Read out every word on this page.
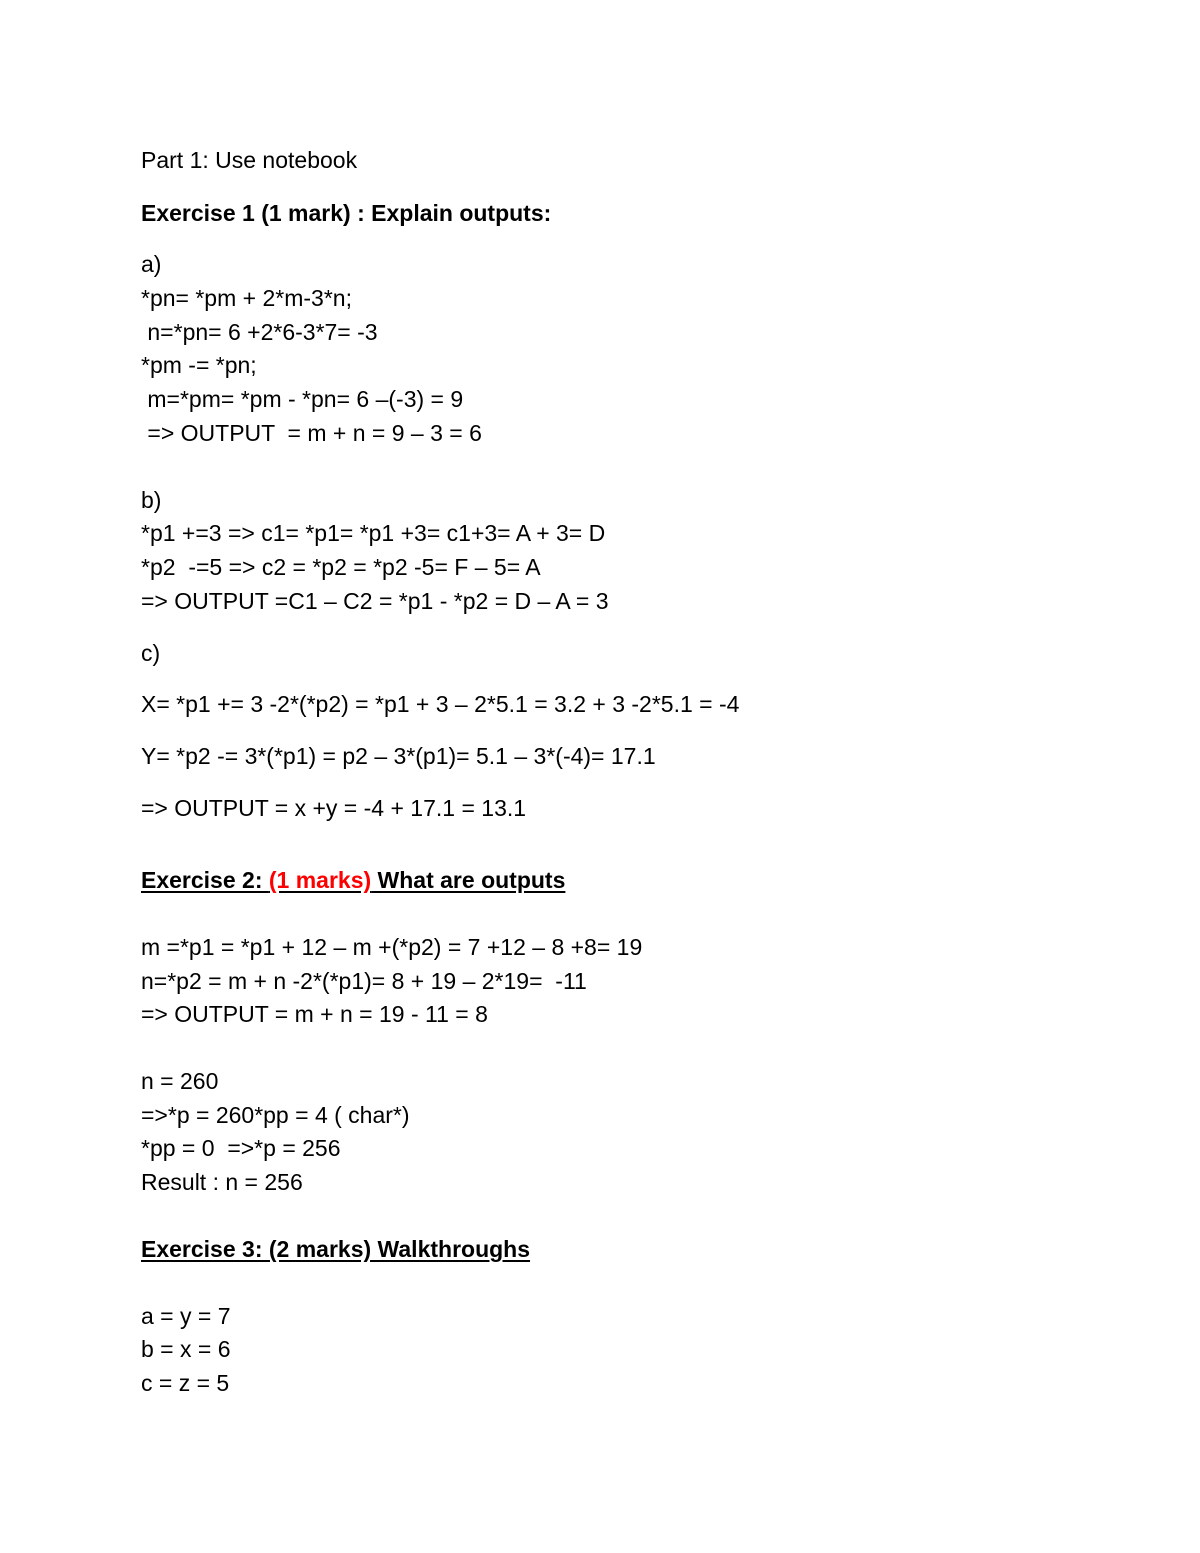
Part 1: Use notebook

Exercise 1 (1 mark) : Explain outputs:

a)

*pn= *pm + 2*m-3*n;

n=*pn= 6 +2*6-3*7= -3

*pm -= *pn;

m=*pm= *pm - *pn= 6 –(-3) = 9

=> OUTPUT  = m + n = 9 – 3 = 6

b)

*p1 +=3 => c1= *p1= *p1 +3= c1+3= A + 3= D

*p2  -=5 => c2 = *p2 = *p2 -5= F – 5= A

=> OUTPUT =C1 – C2 = *p1 - *p2 = D – A = 3

c)

X= *p1 += 3 -2*(*p2) = *p1 + 3 – 2*5.1 = 3.2 + 3 -2*5.1 = -4

Y= *p2 -= 3*(*p1) = p2 – 3*(p1)= 5.1 – 3*(-4)= 17.1

=> OUTPUT = x +y = -4 + 17.1 = 13.1

Exercise 2: (1 marks) What are outputs

m =*p1 = *p1 + 12 – m +(*p2) = 7 +12 – 8 +8= 19

n=*p2 = m + n -2*(*p1)= 8 + 19 – 2*19=  -11

=> OUTPUT = m + n = 19 - 11 = 8

n = 260

=>*p = 260*pp = 4 ( char*)

*pp = 0  =>*p = 256

Result : n = 256

Exercise 3: (2 marks) Walkthroughs

a = y = 7

b = x = 6

c = z = 5
